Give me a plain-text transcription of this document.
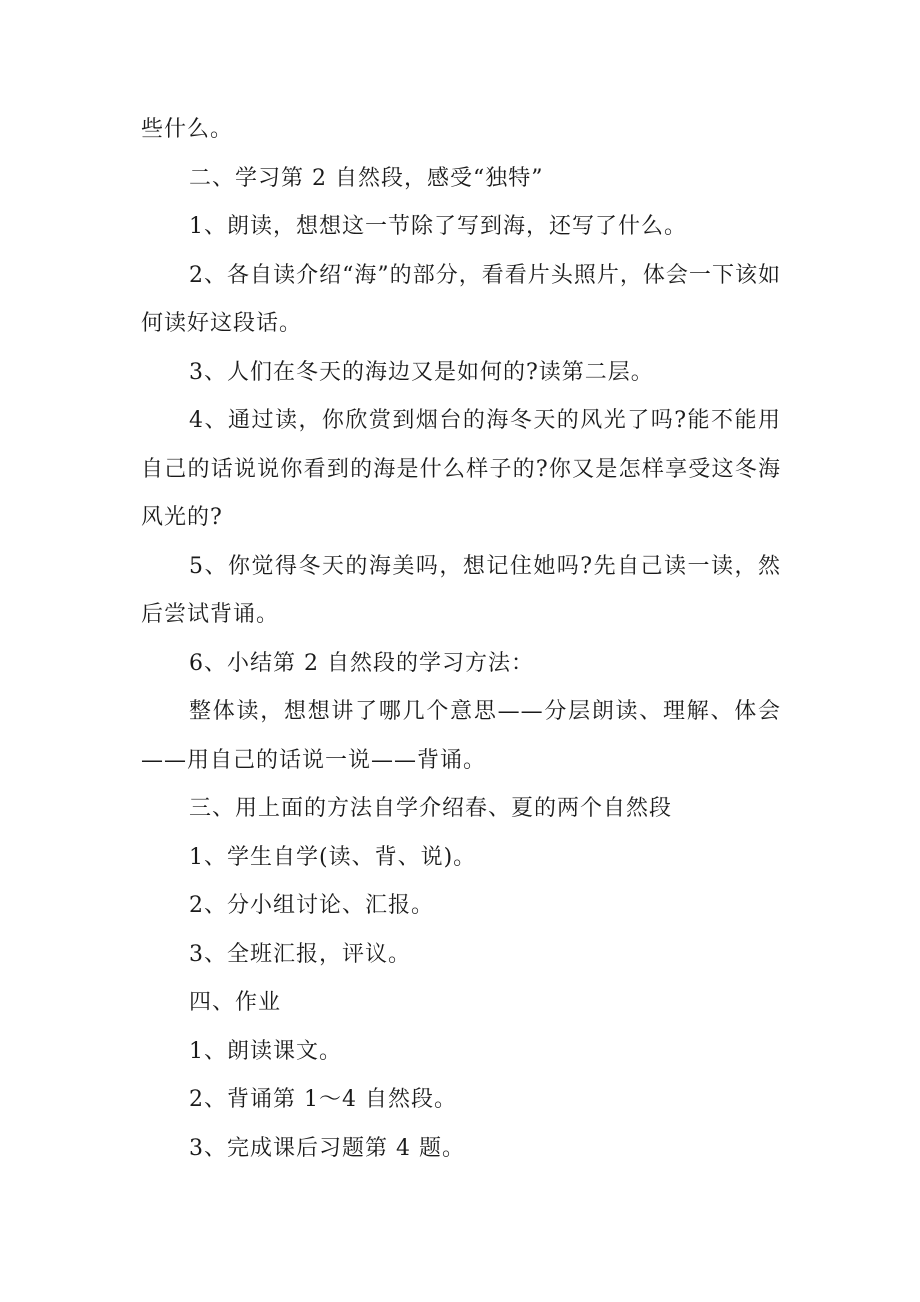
些什么。

二、学习第 2 自然段，感受“独特”

1、朗读，想想这一节除了写到海，还写了什么。

2、各自读介绍“海”的部分，看看片头照片，体会一下该如何读好这段话。

3、人们在冬天的海边又是如何的?读第二层。

4、通过读，你欣赏到烟台的海冬天的风光了吗?能不能用自己的话说说你看到的海是什么样子的?你又是怎样享受这冬海风光的?

5、你觉得冬天的海美吗，想记住她吗?先自己读一读，然后尝试背诵。

6、小结第 2 自然段的学习方法：

整体读，想想讲了哪几个意思——分层朗读、理解、体会——用自己的话说一说——背诵。

三、用上面的方法自学介绍春、夏的两个自然段

1、学生自学(读、背、说)。

2、分小组讨论、汇报。

3、全班汇报，评议。

四、作业

1、朗读课文。

2、背诵第 1～4 自然段。

3、完成课后习题第 4 题。
